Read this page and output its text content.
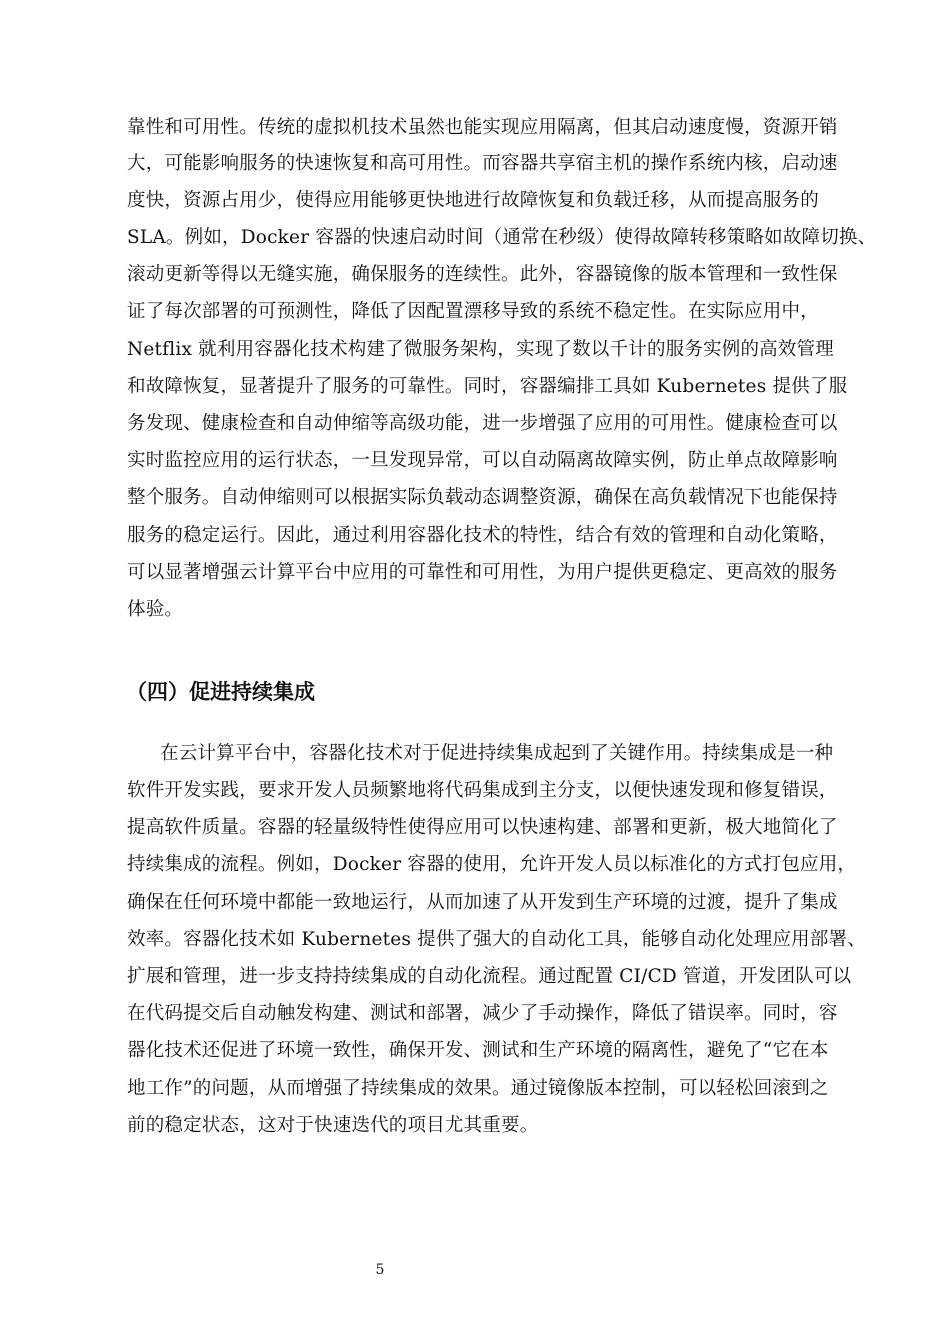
靠性和可用性。传统的虚拟机技术虽然也能实现应用隔离，但其启动速度慢，资源开销
大，可能影响服务的快速恢复和高可用性。而容器共享宿主机的操作系统内核，启动速
度快，资源占用少，使得应用能够更快地进行故障恢复和负载迁移，从而提高服务的
SLA。例如，Docker 容器的快速启动时间（通常在秒级）使得故障转移策略如故障切换、
滚动更新等得以无缝实施，确保服务的连续性。此外，容器镜像的版本管理和一致性保
证了每次部署的可预测性，降低了因配置漂移导致的系统不稳定性。在实际应用中，
Netflix 就利用容器化技术构建了微服务架构，实现了数以千计的服务实例的高效管理
和故障恢复，显著提升了服务的可靠性。同时，容器编排工具如 Kubernetes 提供了服
务发现、健康检查和自动伸缩等高级功能，进一步增强了应用的可用性。健康检查可以
实时监控应用的运行状态，一旦发现异常，可以自动隔离故障实例，防止单点故障影响
整个服务。自动伸缩则可以根据实际负载动态调整资源，确保在高负载情况下也能保持
服务的稳定运行。因此，通过利用容器化技术的特性，结合有效的管理和自动化策略，
可以显著增强云计算平台中应用的可靠性和可用性，为用户提供更稳定、更高效的服务
体验。
（四）促进持续集成
在云计算平台中，容器化技术对于促进持续集成起到了关键作用。持续集成是一种
软件开发实践，要求开发人员频繁地将代码集成到主分支，以便快速发现和修复错误，
提高软件质量。容器的轻量级特性使得应用可以快速构建、部署和更新，极大地简化了
持续集成的流程。例如，Docker 容器的使用，允许开发人员以标准化的方式打包应用，
确保在任何环境中都能一致地运行，从而加速了从开发到生产环境的过渡，提升了集成
效率。容器化技术如 Kubernetes 提供了强大的自动化工具，能够自动化处理应用部署、
扩展和管理，进一步支持持续集成的自动化流程。通过配置 CI/CD 管道，开发团队可以
在代码提交后自动触发构建、测试和部署，减少了手动操作，降低了错误率。同时，容
器化技术还促进了环境一致性，确保开发、测试和生产环境的隔离性，避免了“它在本
地工作”的问题，从而增强了持续集成的效果。通过镜像版本控制，可以轻松回滚到之
前的稳定状态，这对于快速迭代的项目尤其重要。
5
